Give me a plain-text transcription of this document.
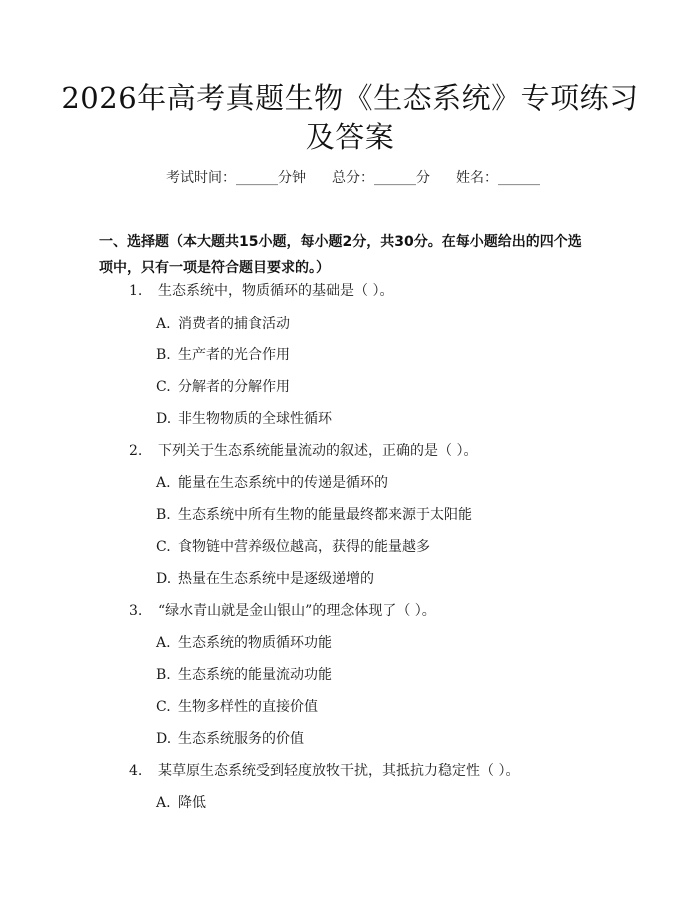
2026年高考真题生物《生态系统》专项练习
及答案
考试时间：______分钟 总分：______分 姓名：______
一、选择题（本大题共15小题，每小题2分，共30分。在每小题给出的四个选
项中，只有一项是符合题目要求的。）
1. 生态系统中，物质循环的基础是（ ）。
A. 消费者的捕食活动
B. 生产者的光合作用
C. 分解者的分解作用
D. 非生物物质的全球性循环
2. 下列关于生态系统能量流动的叙述，正确的是（ ）。
A. 能量在生态系统中的传递是循环的
B. 生态系统中所有生物的能量最终都来源于太阳能
C. 食物链中营养级位越高，获得的能量越多
D. 热量在生态系统中是逐级递增的
3. “绿水青山就是金山银山”的理念体现了（ ）。
A. 生态系统的物质循环功能
B. 生态系统的能量流动功能
C. 生物多样性的直接价值
D. 生态系统服务的价值
4. 某草原生态系统受到轻度放牧干扰，其抵抗力稳定性（ ）。
A. 降低
